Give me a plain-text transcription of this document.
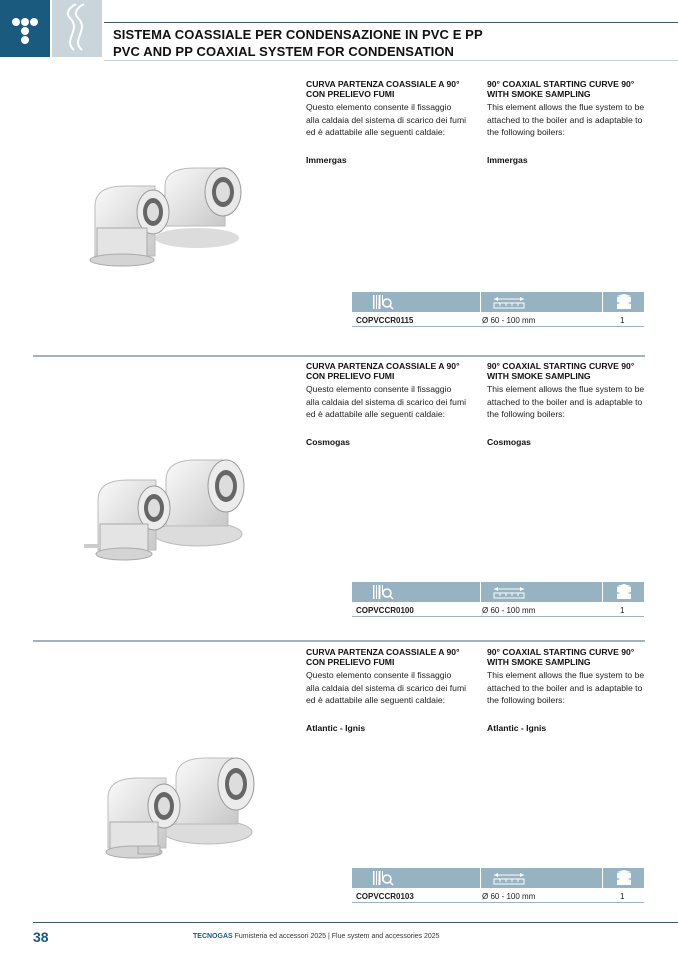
SISTEMA COASSIALE PER CONDENSAZIONE IN PVC E PP
PVC AND PP COAXIAL SYSTEM FOR CONDENSATION
CURVA PARTENZA COASSIALE A 90° CON PRELIEVO FUMI
Questo elemento consente il fissaggio alla caldaia del sistema di scarico dei fumi ed è adattabile alle seguenti caldaie:
Immergas
90° COAXIAL STARTING CURVE 90° WITH SMOKE SAMPLING
This element allows the flue system to be attached to the boiler and is adaptable to the following boilers:
Immergas
COPVCCR0115	Ø 60 - 100 mm	1
CURVA PARTENZA COASSIALE A 90° CON PRELIEVO FUMI
Questo elemento consente il fissaggio alla caldaia del sistema di scarico dei fumi ed è adattabile alle seguenti caldaie:
Cosmogas
90° COAXIAL STARTING CURVE 90° WITH SMOKE SAMPLING
This element allows the flue system to be attached to the boiler and is adaptable to the following boilers:
Cosmogas
COPVCCR0100	Ø 60 - 100 mm	1
CURVA PARTENZA COASSIALE A 90° CON PRELIEVO FUMI
Questo elemento consente il fissaggio alla caldaia del sistema di scarico dei fumi ed è adattabile alle seguenti caldaie:
Atlantic - Ignis
90° COAXIAL STARTING CURVE 90° WITH SMOKE SAMPLING
This element allows the flue system to be attached to the boiler and is adaptable to the following boilers:
Atlantic - Ignis
COPVCCR0103	Ø 60 - 100 mm	1
38	TECNOGAS Fumisteria ed accessori 2025 | Flue system and accessories 2025
